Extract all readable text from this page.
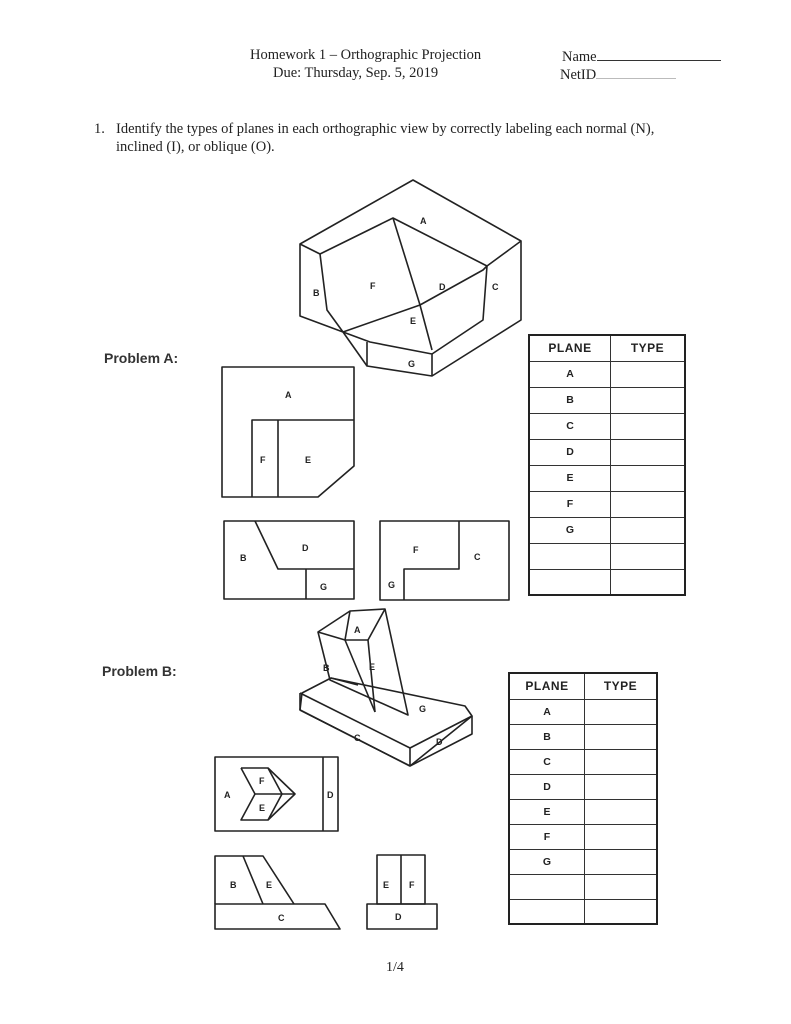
Homework 1 – Orthographic Projection
Due: Thursday, Sep. 5, 2019
Name
NetID
1. Identify the types of planes in each orthographic view by correctly labeling each normal (N), inclined (I), or oblique (O).
Problem A:
Problem B:
A
B
F	D	C
E
G
A
F	E
B
D
G
F
C
G
A
B	E
G
C	D
A
F
E
D
B	E
C
E F
D
PLANE	TYPE
A	
B	
C	
D	
E	
F	
G	

PLANE	TYPE
A	
B	
C	
D	
E	
F	
G	

1/4
